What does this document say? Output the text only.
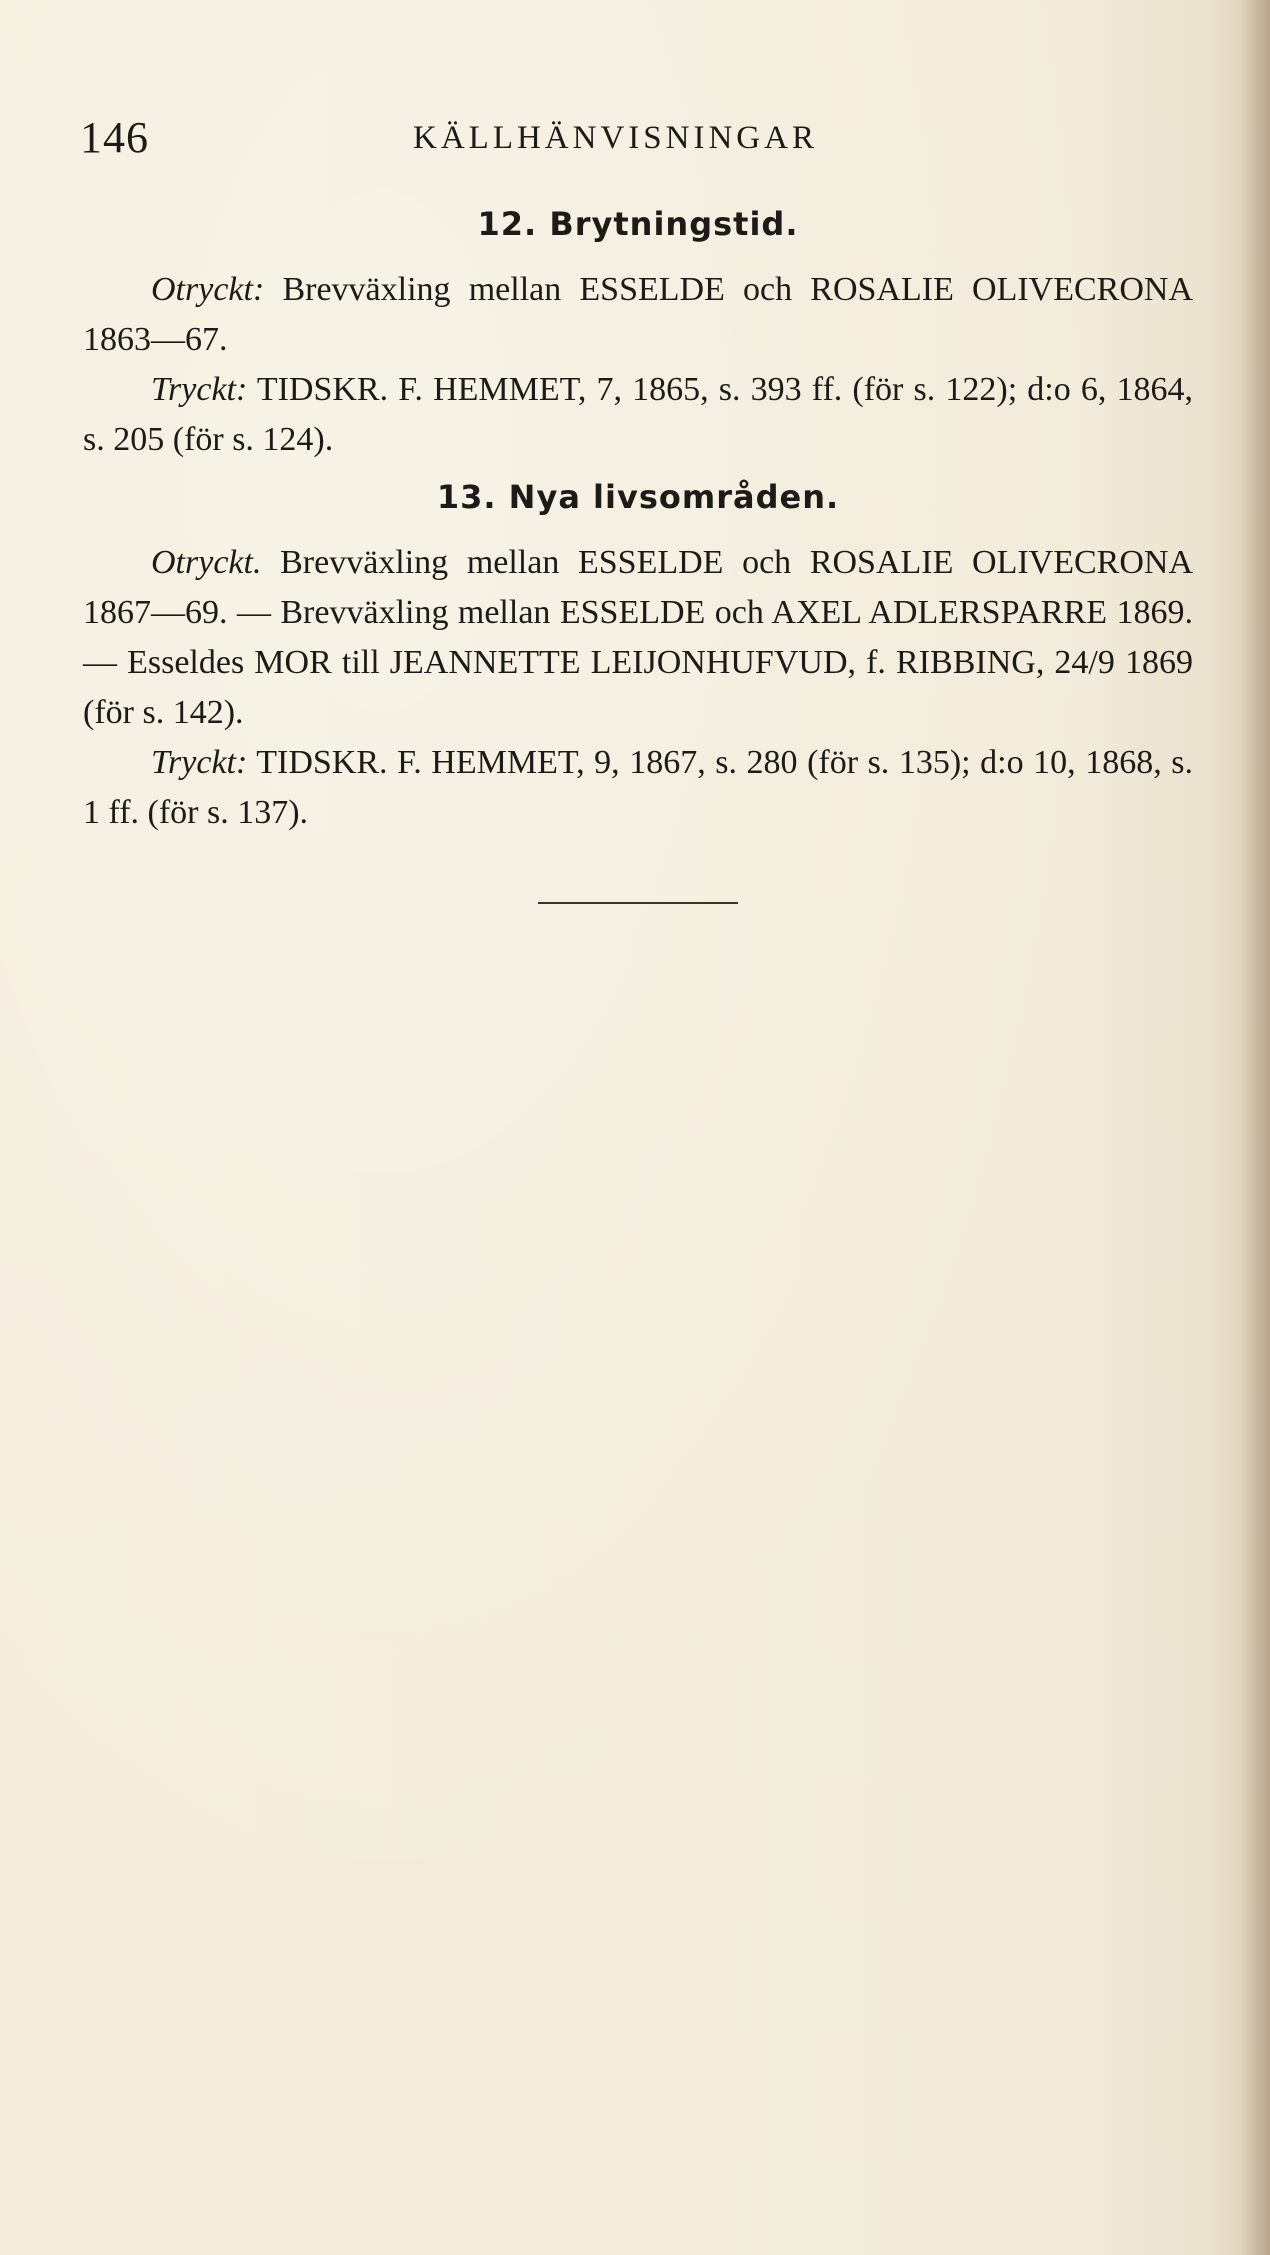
146	KÄLLHÄNVISNINGAR
12. Brytningstid.

Otryckt: Brevväxling mellan ESSELDE och ROSALIE OLIVECRONA 1863—67.

Tryckt: TIDSKR. F. HEMMET, 7, 1865, s. 393 ff. (för s. 122); d:o 6, 1864, s. 205 (för s. 124).

13. Nya livsområden.

Otryckt. Brevväxling mellan ESSELDE och ROSALIE OLIVECRONA 1867—69. — Brevväxling mellan ESSELDE och AXEL ADLERSPARRE 1869. — Esseldes MOR till JEANNETTE LEIJONHUFVUD, f. RIBBING, 24/9 1869 (för s. 142).

Tryckt: TIDSKR. F. HEMMET, 9, 1867, s. 280 (för s. 135); d:o 10, 1868, s. 1 ff. (för s. 137).
